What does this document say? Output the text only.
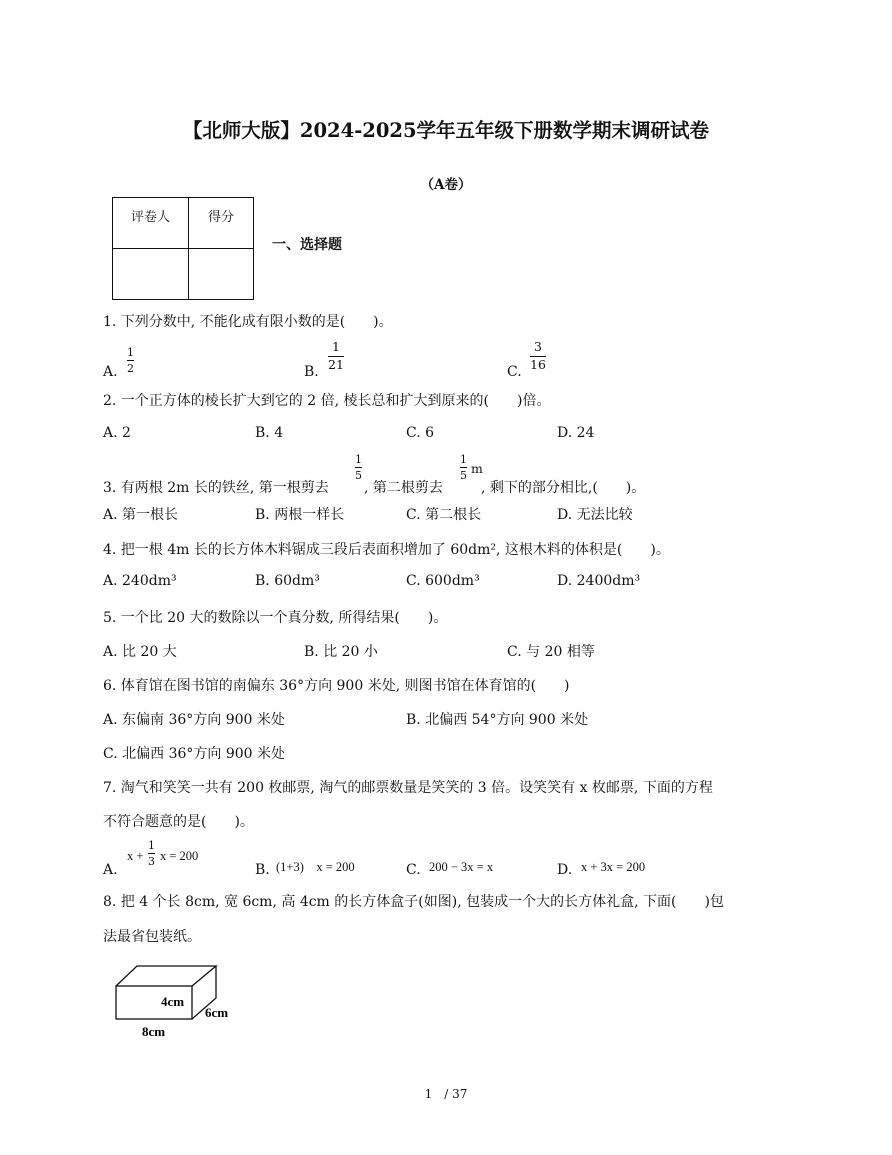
【北师大版】2024-2025学年五年级下册数学期末调研试卷
（A卷）
评卷人	得分

一、选择题
1. 下列分数中, 不能化成有限小数的是(　　)。
A.
1
2	B.
1
21	C.
3
16
2. 一个正方体的棱长扩大到它的 2 倍, 棱长总和扩大到原来的(　　)倍。
A. 2	B. 4	C. 6	D. 24
3. 有两根 2m 长的铁丝, 第一根剪去
1
5
, 第二根剪去
1
5 m
, 剩下的部分相比,(　　)。
A. 第一根长	B. 两根一样长	C. 第二根长	D. 无法比较
4. 把一根 4m 长的长方体木料锯成三段后表面积增加了 60dm², 这根木料的体积是(　　)。
A. 240dm³	B. 60dm³	C. 600dm³	D. 2400dm³
5. 一个比 20 大的数除以一个真分数, 所得结果(　　)。
A. 比 20 大	B. 比 20 小	C. 与 20 相等
6. 体育馆在图书馆的南偏东 36°方向 900 米处, 则图书馆在体育馆的(　　)
A. 东偏南 36°方向 900 米处	B. 北偏西 54°方向 900 米处
C. 北偏西 36°方向 900 米处
7. 淘气和笑笑一共有 200 枚邮票, 淘气的邮票数量是笑笑的 3 倍。设笑笑有 x 枚邮票, 下面的方程
不符合题意的是(　　)。
A.
x +
1
3 x = 200
B. (1+3)　x = 200	C. 200 − 3x = x	D. x + 3x = 200
8. 把 4 个长 8cm, 宽 6cm, 高 4cm 的长方体盒子(如图), 包装成一个大的长方体礼盒, 下面(　　)包
法最省包装纸。
4cm
6cm
8cm
1　/ 37
